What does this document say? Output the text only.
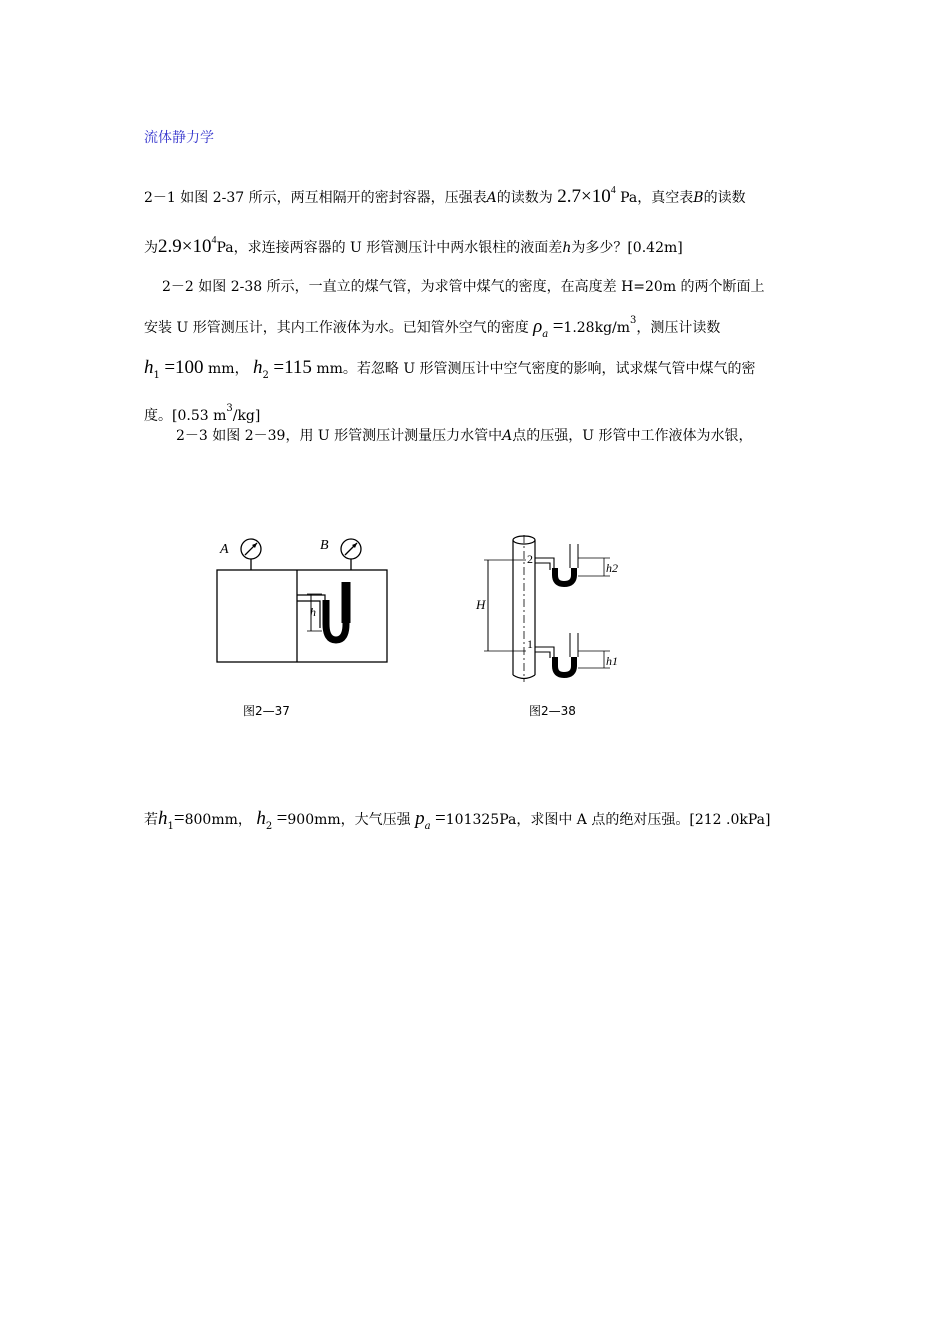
流体静力学
2－1 如图 2-37 所示，两互相隔开的密封容器，压强表A的读数为 $2.7\times 10^4$ Pa，真空表B的读数
为$2.9\times 10^4Pa$，求连接两容器的 U 形管测压计中两水银柱的液面差h为多少？[0.42m]
2－2 如图 2-38 所示，一直立的煤气管，为求管中煤气的密度，在高度差 H=20m 的两个断面上
安装 U 形管测压计，其内工作液体为水。已知管外空气的密度 $\rho_a =1.28kg/m^3$，测压计读数
$h_1 =100$ mm， $h_2 =115$ mm。若忽略 U 形管测压计中空气密度的影响，试求煤气管中煤气的密
度。[0.53 $m^3/kg$]
2－3 如图 2－39，用 U 形管测压计测量压力水管中A点的压强，U 形管中工作液体为水银，
A	B
h
图2—37
H
2
1
h2
h1
图2—38
若$h_1=800mm$， $h_2 =900mm$，大气压强 $p_a =101325Pa$，求图中 A 点的绝对压强。[212 .0kPa]
